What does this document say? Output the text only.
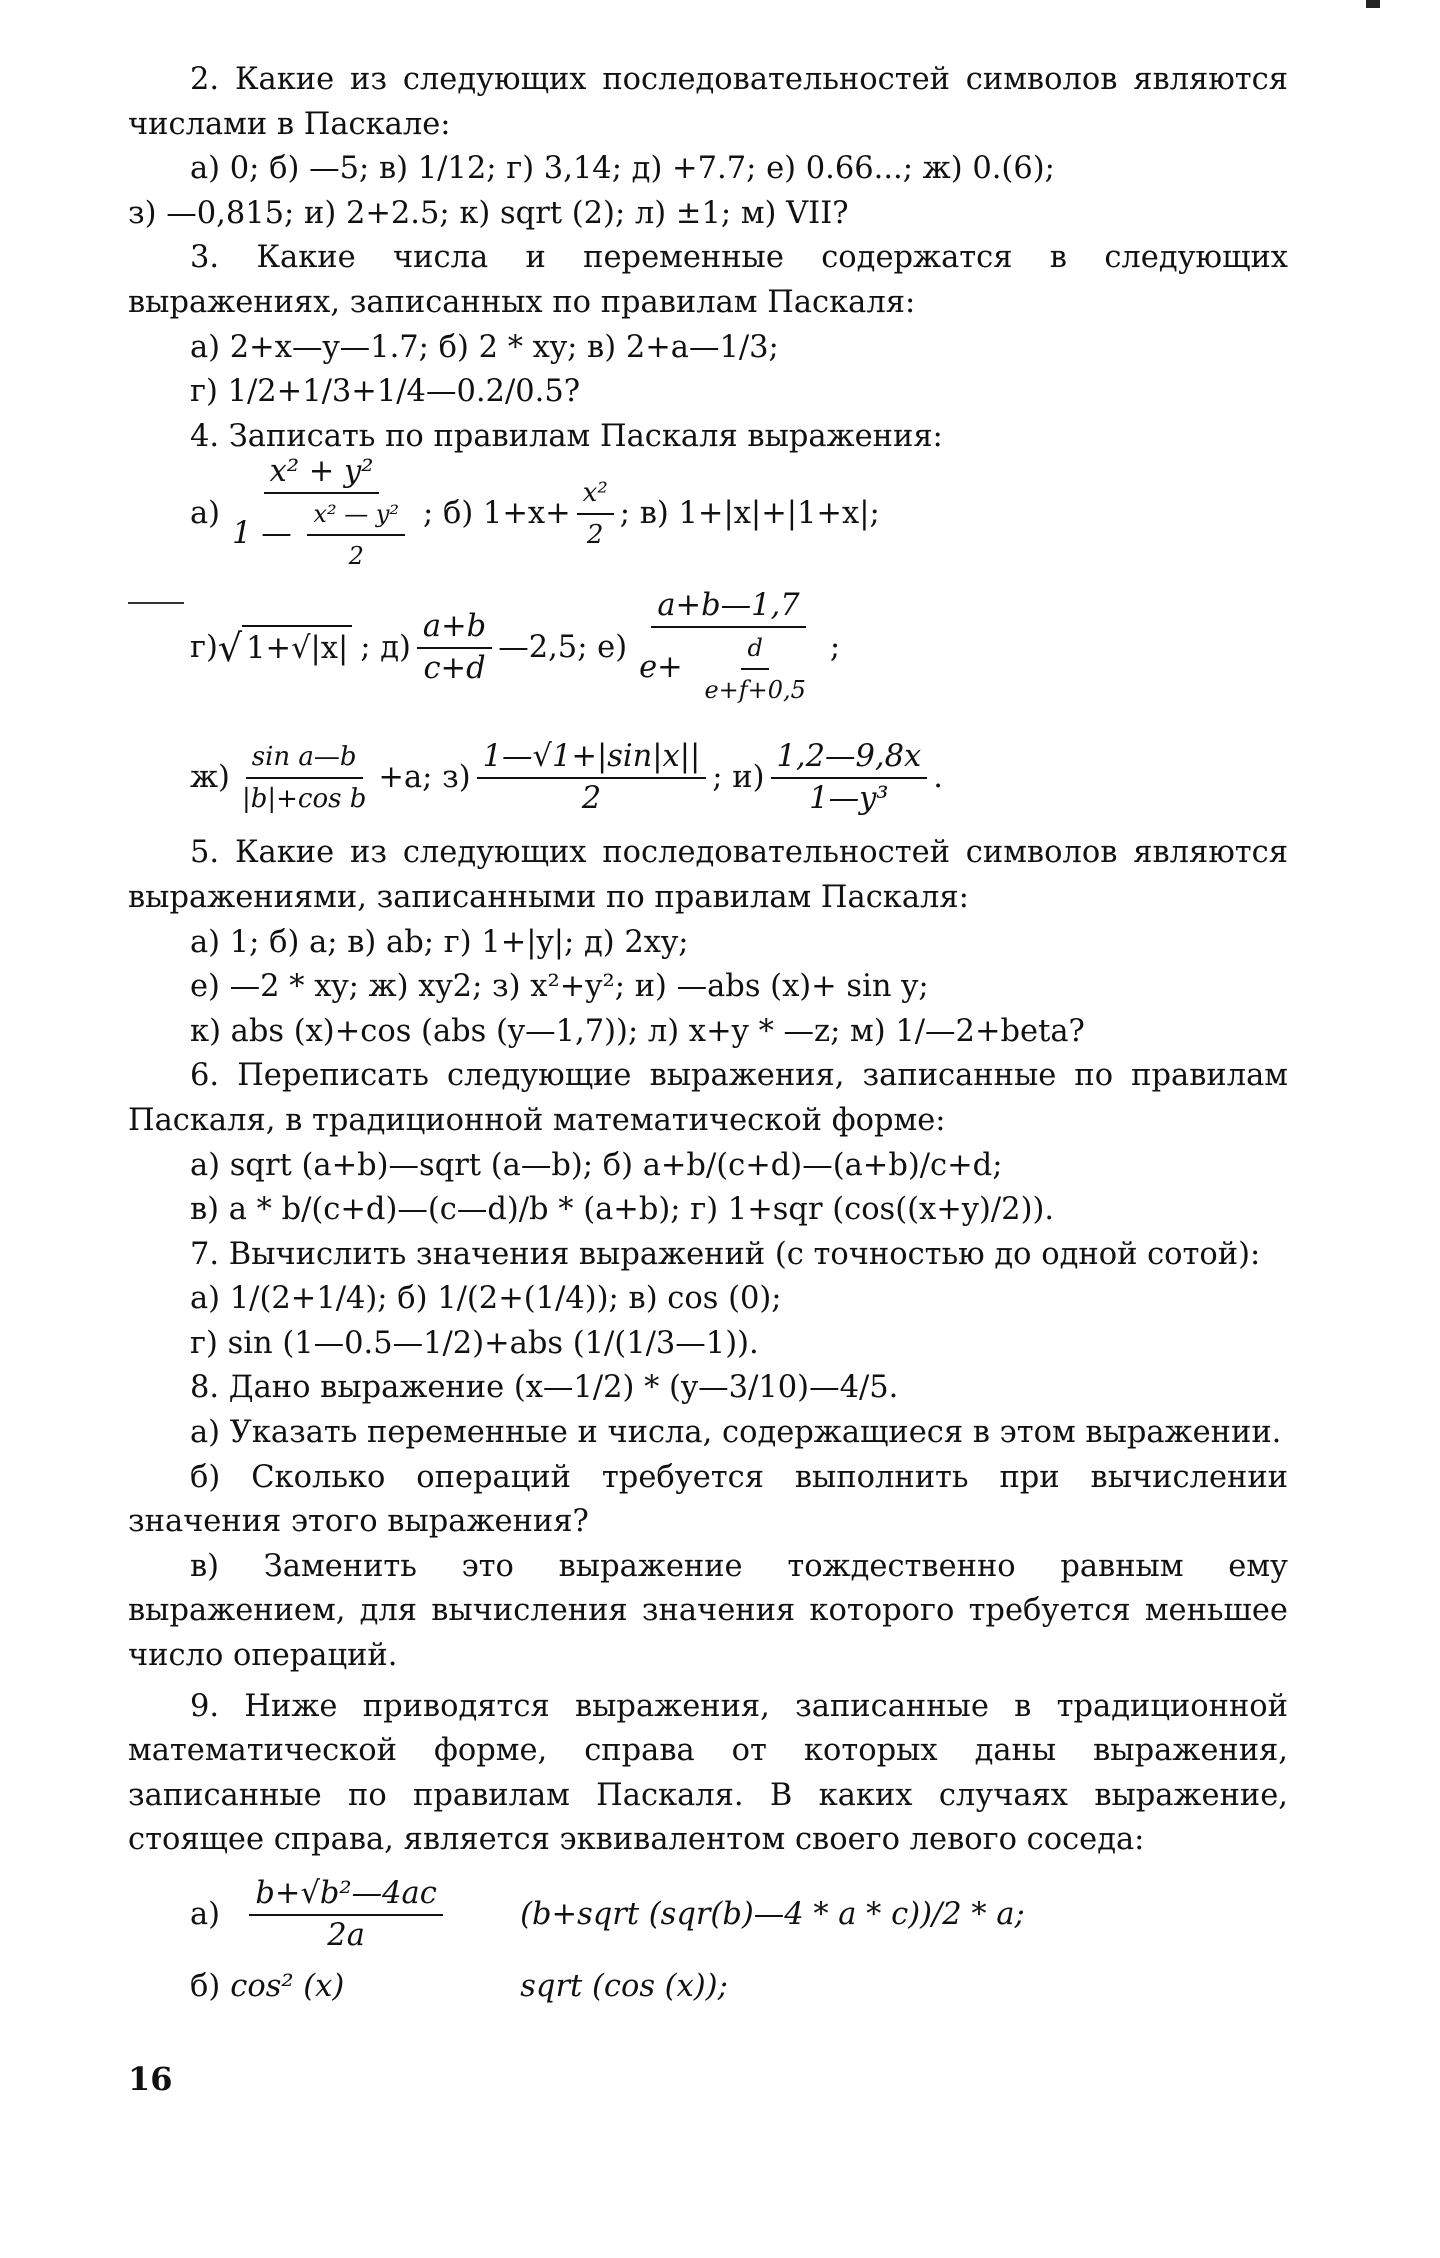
2. Какие из следующих последовательностей символов являются числами в Паскале:

а) 0; б) —5; в) 1/12; г) 3,14; д) +7.7; е) 0.66...; ж) 0.(6);

з) —0,815; и) 2+2.5; к) sqrt (2); л) ±1; м) VII?

3. Какие числа и переменные содержатся в следующих выражениях, записанных по правилам Паскаля:

а) 2+x—y—1.7; б) 2 * xy; в) 2+a—1/3;

г) 1/2+1/3+1/4—0.2/0.5?

4. Записать по правилам Паскаля выражения:

$а) \frac{\text{x² + y²}}{1 — \frac{\text{x² — y²}}{2}}$ ; б) $1+x+ \frac{\text{x²}}{2}$ ; в) 1+|x|+|1+x|;
г) √ 1+√|x| ; $д) \frac{a+b}{c+d}$ —2,5; $е) \frac{a+b—1,7}{e+ \frac{d}{e+f+0,5}}$ ;
$ж) \frac{\text{sin a—b}}{\text{|b|+cos b}} +a$; $з) \frac{1—√1+|\sin|x||}{2}$ ; $и) \frac{1,2—9,8x}{\text{1—y³}}$ .

5. Какие из следующих последовательностей символов являются выражениями, записанными по правилам Паскаля:

а) 1; б) a; в) ab; г) 1+|y|; д) 2xy;

е) —2 * xy; ж) xy2; з) x²+y²; и) —abs (x)+ sin y;

к) abs (x)+cos (abs (y—1,7)); л) x+y * —z; м) 1/—2+beta?

6. Переписать следующие выражения, записанные по правилам Паскаля, в традиционной математической форме:

а) sqrt (a+b)—sqrt (a—b); б) a+b/(c+d)—(a+b)/c+d;

в) a * b/(c+d)—(c—d)/b * (a+b); г) 1+sqr (cos((x+y)/2)).

7. Вычислить значения выражений (с точностью до одной сотой):

а) 1/(2+1/4); б) 1/(2+(1/4)); в) cos (0);

г) sin (1—0.5—1/2)+abs (1/(1/3—1)).

8. Дано выражение (x—1/2) * (y—3/10)—4/5.

а) Указать переменные и числа, содержащиеся в этом выражении.

б) Сколько операций требуется выполнить при вычислении значения этого выражения?

в) Заменить это выражение тождественно равным ему выражением, для вычисления значения которого требуется меньшее число операций.

9. Ниже приводятся выражения, записанные в традиционной математической форме, справа от которых даны выражения, записанные по правилам Паскаля. В каких случаях выражение, стоящее справа, является эквивалентом своего левого соседа:

$а) \frac{\text{b+√b²—4ac}}{2a}$ (b+sqrt (sqr(b)—4 * a * c))/2 * a;
б) cos² (x)	sqrt (cos (x));
16
